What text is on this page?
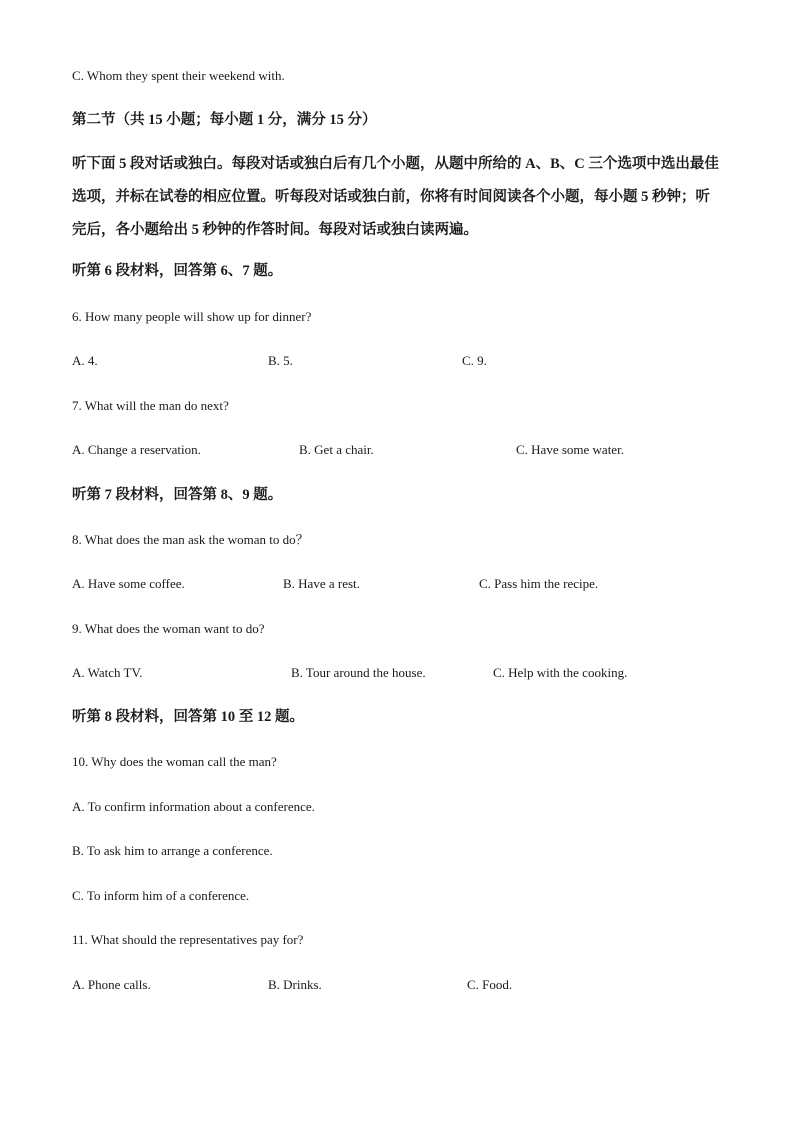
C. Whom they spent their weekend with.
第二节（共 15 小题；每小题 1 分，满分 15 分）
听下面 5 段对话或独白。每段对话或独白后有几个小题，从题中所给的 A、B、C 三个选项中选出最佳选项，并标在试卷的相应位置。听每段对话或独白前，你将有时间阅读各个小题，每小题 5 秒钟；听完后，各小题给出 5 秒钟的作答时间。每段对话或独白读两遍。
听第 6 段材料，回答第 6、7 题。
6. How many people will show up for dinner?
A. 4.	B. 5.	C. 9.
7. What will the man do next?
A. Change a reservation.	B. Get a chair.	C. Have some water.
听第 7 段材料，回答第 8、9 题。
8. What does the man ask the woman to do？
A. Have some coffee.	B. Have a rest.	C. Pass him the recipe.
9. What does the woman want to do?
A. Watch TV.	B. Tour around the house.	C. Help with the cooking.
听第 8 段材料，回答第 10 至 12 题。
10. Why does the woman call the man?
A. To confirm information about a conference.
B. To ask him to arrange a conference.
C. To inform him of a conference.
11. What should the representatives pay for?
A. Phone calls.	B. Drinks.	C. Food.
